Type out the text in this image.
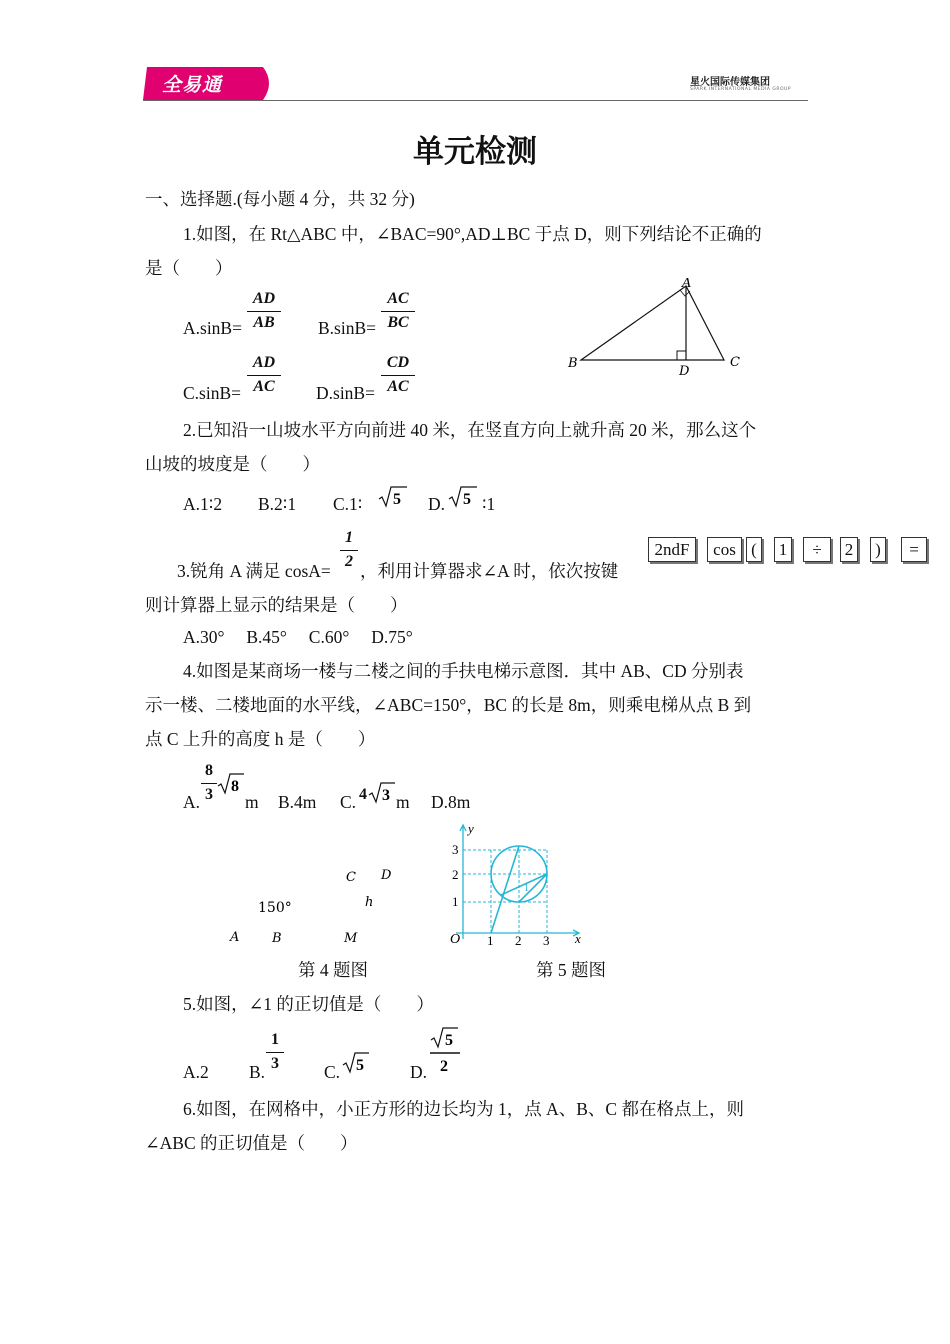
全易通	星火国际传媒集团
SPARK INTERNATIONAL MEDIA GROUP
单元检测
一、选择题.(每小题 4 分，共 32 分)
1.如图，在 Rt△ABC 中，∠BAC=90°,AD⊥BC 于点 D，则下列结论不正确的
是（　　）
A.sinB=
AD
AB	B.sinB=
AC
BC
C.sinB=
AD
AC	D.sinB=
CD
AC
A
B	C
D
2.已知沿一山坡水平方向前进 40 米，在竖直方向上就升高 20 米，那么这个
山坡的坡度是（　　）
A.1∶2 B.2∶1 C.1∶ 5 D. 5 ∶1
3.锐角 A 满足 cosA=
1
2 ，利用计算器求∠A 时，依次按键
2ndF	cos (	1	÷	2	)	=
则计算器上显示的结果是（　　）
A.30°　 B.45°　 C.60°　 D.75°
4.如图是某商场一楼与二楼之间的手扶电梯示意图．其中 AB、CD 分别表
示一楼、二楼地面的水平线，∠ABC=150°，BC 的长是 8m，则乘电梯从点 B 到
点 C 上升的高度 h 是（　　）
A.
8
3 8
m B.4m C. 4 3 m D.8m
C D
h
150°
A	B	M
第 4 题图
y
x
O 1 2 3
1
2
3
1
第 5 题图
5.如图，∠1 的正切值是（　　）
A.2 B.
1
3	C. 5	D.
5
2
6.如图，在网格中，小正方形的边长均为 1，点 A、B、C 都在格点上，则
∠ABC 的正切值是（　　）
